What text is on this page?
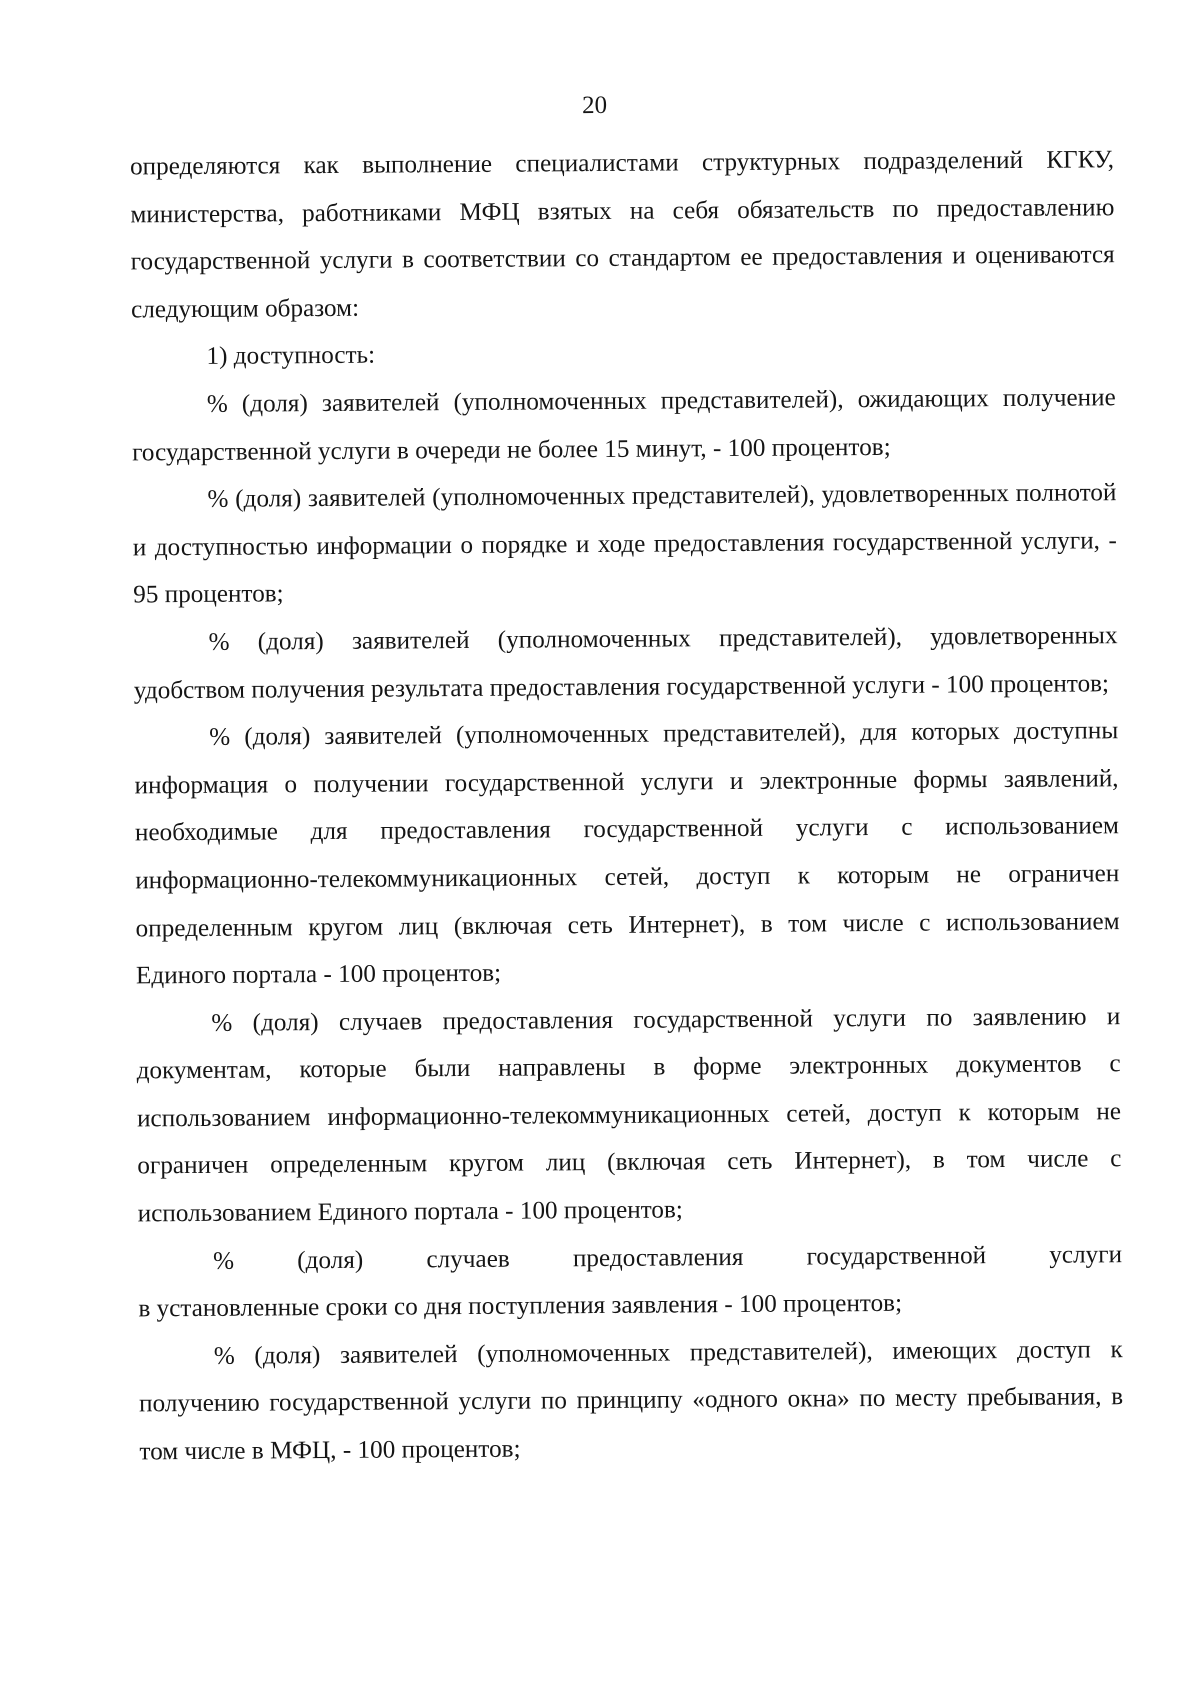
20

определяются как выполнение специалистами структурных подразделений КГКУ, министерства, работниками МФЦ взятых на себя обязательств по предоставлению государственной услуги в соответствии со стандартом ее предоставления и оцениваются следующим образом:

1) доступность:

% (доля) заявителей (уполномоченных представителей), ожидающих получение государственной услуги в очереди не более 15 минут, - 100 процентов;

% (доля) заявителей (уполномоченных представителей), удовлетворенных полнотой и доступностью информации о порядке и ходе предоставления государственной услуги, - 95 процентов;

% (доля) заявителей (уполномоченных представителей), удовлетворенных удобством получения результата предоставления государственной услуги - 100 процентов;

% (доля) заявителей (уполномоченных представителей), для которых доступны информация о получении государственной услуги и электронные формы заявлений, необходимые для предоставления государственной услуги с использованием информационно-телекоммуникационных сетей, доступ к которым не ограничен определенным кругом лиц (включая сеть Интернет), в том числе с использованием Единого портала - 100 процентов;

% (доля) случаев предоставления государственной услуги по заявлению и документам, которые были направлены в форме электронных документов с использованием информационно-телекоммуникационных сетей, доступ к которым не ограничен определенным кругом лиц (включая сеть Интернет), в том числе с использованием Единого портала - 100 процентов;

% (доля) случаев предоставления государственной услуги
в установленные сроки со дня поступления заявления - 100 процентов;

% (доля) заявителей (уполномоченных представителей), имеющих доступ к получению государственной услуги по принципу «одного окна» по месту пребывания, в том числе в МФЦ, - 100 процентов;
